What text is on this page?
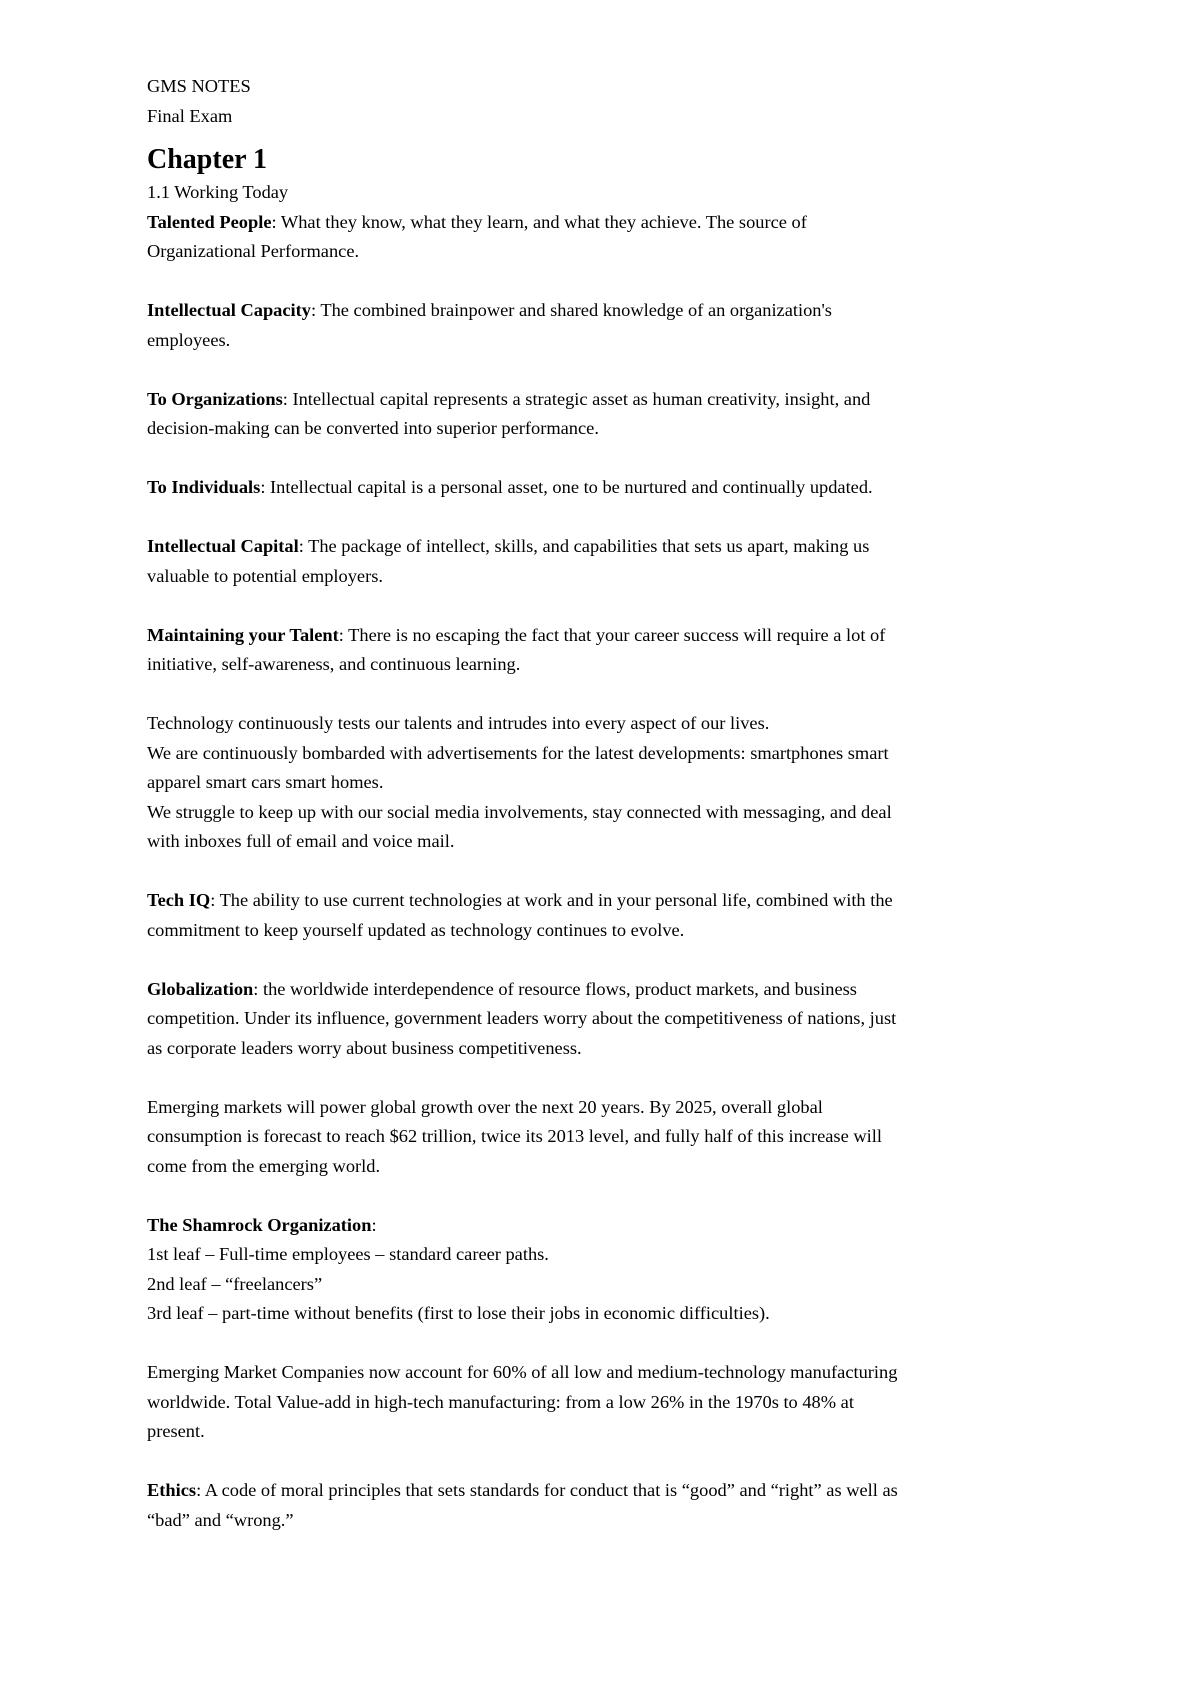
GMS NOTES

Final Exam

Chapter 1

1.1 Working Today

Talented People: What they know, what they learn, and what they achieve. The source of

Organizational Performance.

Intellectual Capacity: The combined brainpower and shared knowledge of an organization's

employees.

To Organizations: Intellectual capital represents a strategic asset as human creativity, insight, and

decision-making can be converted into superior performance.

To Individuals: Intellectual capital is a personal asset, one to be nurtured and continually updated.

Intellectual Capital: The package of intellect, skills, and capabilities that sets us apart, making us

valuable to potential employers.

Maintaining your Talent: There is no escaping the fact that your career success will require a lot of

initiative, self-awareness, and continuous learning.

Technology continuously tests our talents and intrudes into every aspect of our lives.

We are continuously bombarded with advertisements for the latest developments: smartphones smart

apparel smart cars smart homes.

We struggle to keep up with our social media involvements, stay connected with messaging, and deal

with inboxes full of email and voice mail.

Tech IQ: The ability to use current technologies at work and in your personal life, combined with the

commitment to keep yourself updated as technology continues to evolve.

Globalization: the worldwide interdependence of resource flows, product markets, and business

competition. Under its influence, government leaders worry about the competitiveness of nations, just

as corporate leaders worry about business competitiveness.

Emerging markets will power global growth over the next 20 years. By 2025, overall global

consumption is forecast to reach $62 trillion, twice its 2013 level, and fully half of this increase will

come from the emerging world.

The Shamrock Organization:

1st leaf – Full-time employees – standard career paths.

2nd leaf – “freelancers”

3rd leaf – part-time without benefits (first to lose their jobs in economic difficulties).

Emerging Market Companies now account for 60% of all low and medium-technology manufacturing

worldwide. Total Value-add in high-tech manufacturing: from a low 26% in the 1970s to 48% at

present.

Ethics: A code of moral principles that sets standards for conduct that is “good” and “right” as well as

“bad” and “wrong.”
